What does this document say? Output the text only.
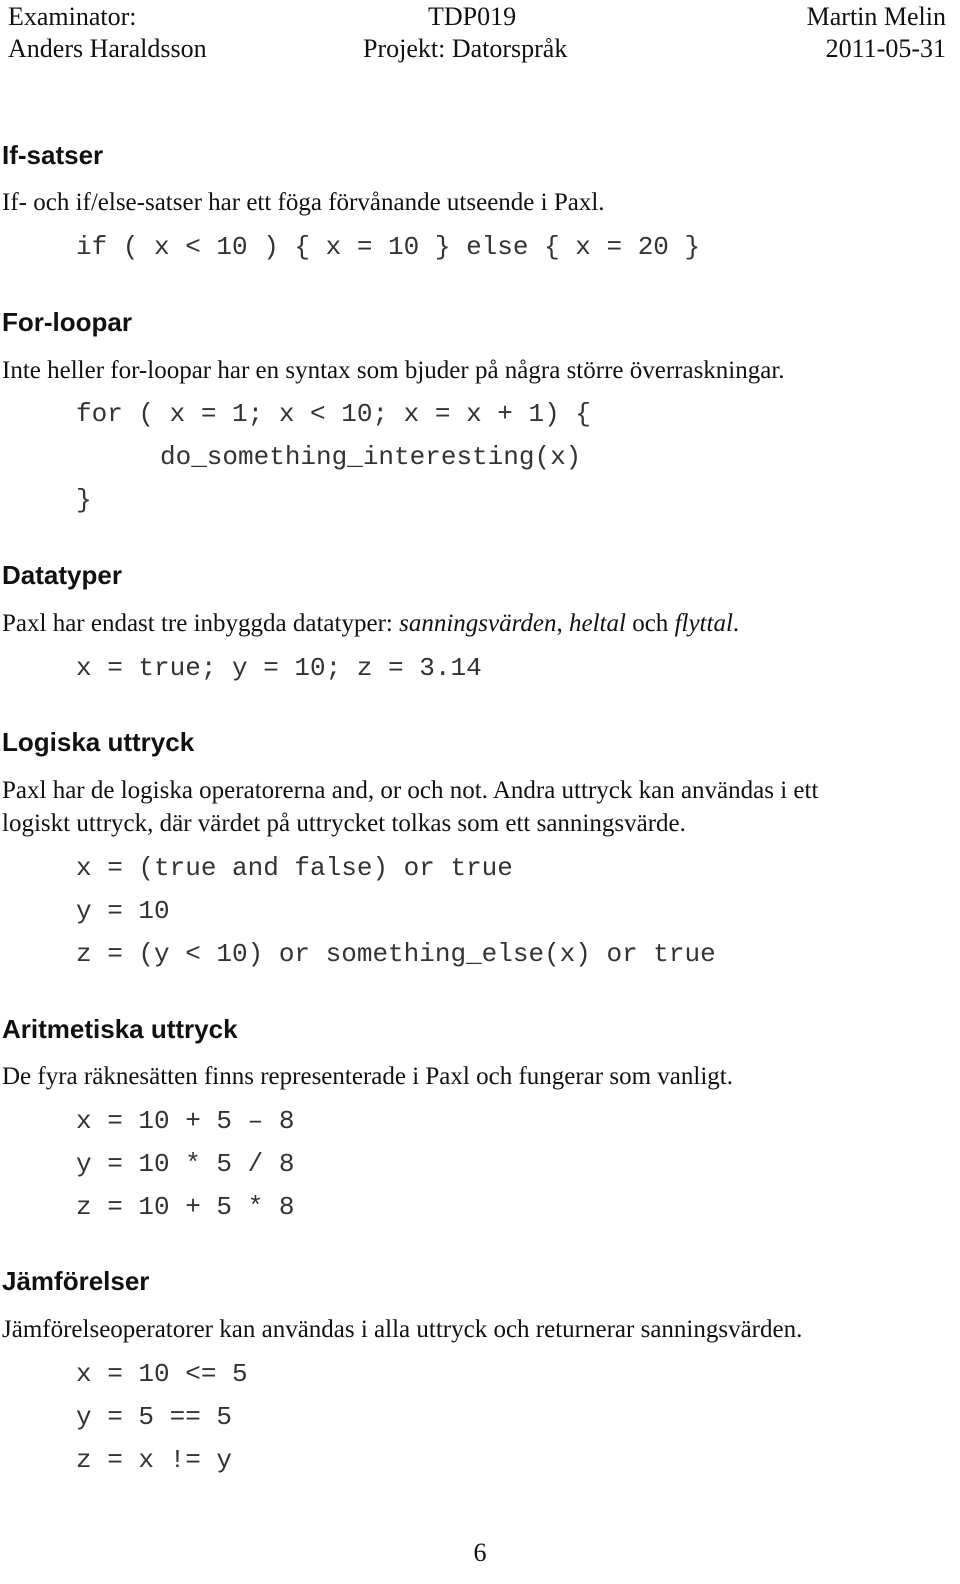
Examinator:
Anders Haraldsson
TDP019
Projekt: Datorspråk
Martin Melin
2011-05-31
If-satser
If- och if/else-satser har ett föga förvånande utseende i Paxl.
if ( x < 10 ) { x = 10 } else { x = 20 }
For-loopar
Inte heller for-loopar har en syntax som bjuder på några större överraskningar.
for ( x = 1; x < 10; x = x + 1) {
do_something_interesting(x)
}
Datatyper
Paxl har endast tre inbyggda datatyper: sanningsvärden, heltal och flyttal.
x = true; y = 10; z = 3.14
Logiska uttryck
Paxl har de logiska operatorerna and, or och not. Andra uttryck kan användas i ett
logiskt uttryck, där värdet på uttrycket tolkas som ett sanningsvärde.
x = (true and false) or true
y = 10
z = (y < 10) or something_else(x) or true
Aritmetiska uttryck
De fyra räknesätten finns representerade i Paxl och fungerar som vanligt.
x = 10 + 5 – 8
y = 10 * 5 / 8
z = 10 + 5 * 8
Jämförelser
Jämförelseoperatorer kan användas i alla uttryck och returnerar sanningsvärden.
x = 10 <= 5
y = 5 == 5
z = x != y
6
